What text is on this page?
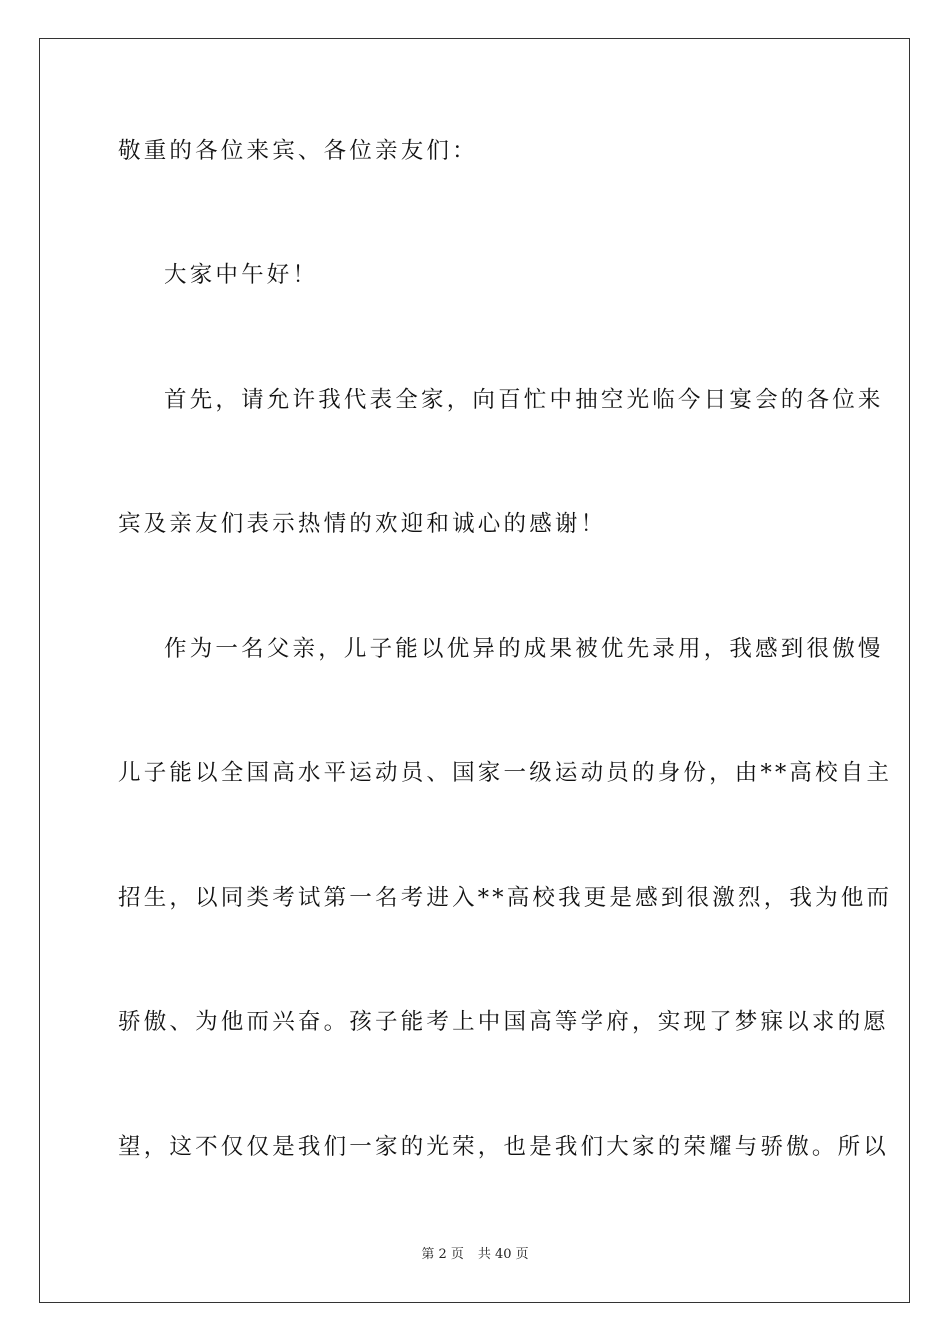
敬重的各位来宾、各位亲友们：
大家中午好！
首先，请允许我代表全家，向百忙中抽空光临今日宴会的各位来
宾及亲友们表示热情的欢迎和诚心的感谢！
作为一名父亲，儿子能以优异的成果被优先录用，我感到很傲慢
儿子能以全国高水平运动员、国家一级运动员的身份，由**高校自主
招生，以同类考试第一名考进入**高校我更是感到很激烈，我为他而
骄傲、为他而兴奋。孩子能考上中国高等学府，实现了梦寐以求的愿
望，这不仅仅是我们一家的光荣，也是我们大家的荣耀与骄傲。所以
第 2 页 共 40 页
